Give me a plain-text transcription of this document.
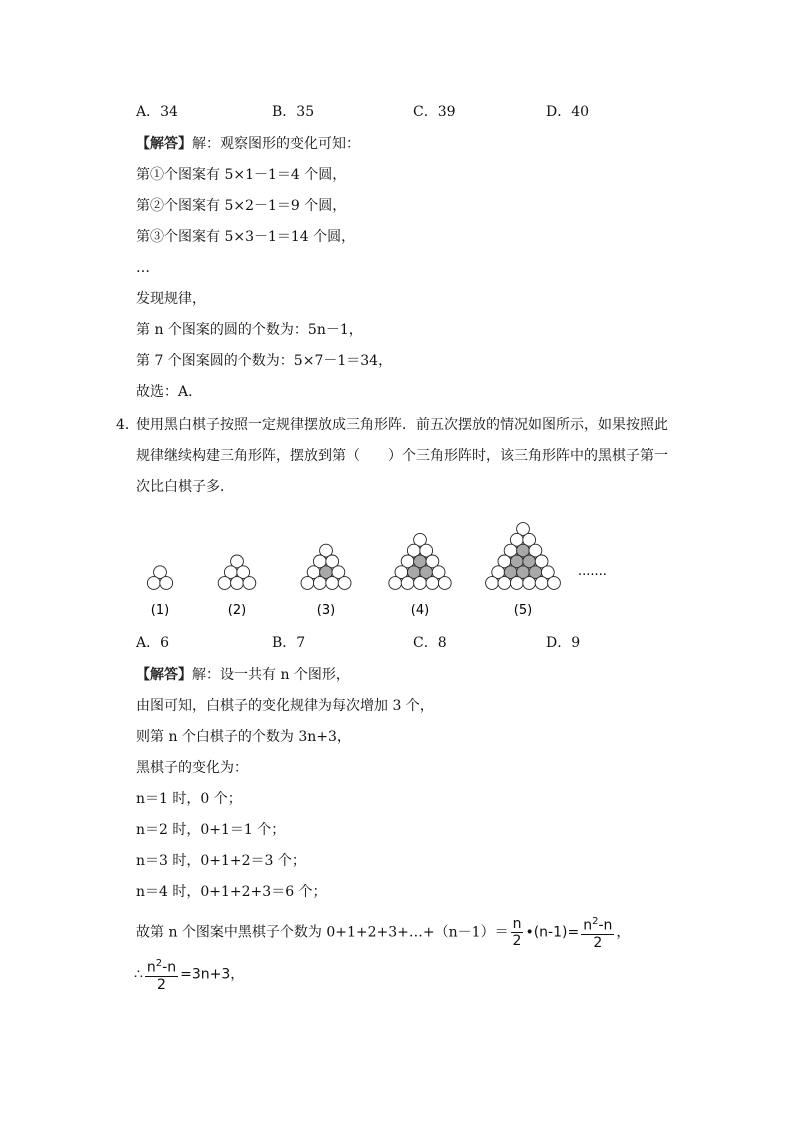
A．34	B．35	C．39	D．40
【解答】解：观察图形的变化可知：
第①个图案有 5×1－1＝4 个圆，
第②个图案有 5×2－1＝9 个圆，
第③个图案有 5×3－1＝14 个圆，
…
发现规律，
第 n 个图案的圆的个数为：5n－1，
第 7 个图案圆的个数为：5×7－1＝34，
故选：A．
4．
使用黑白棋子按照一定规律摆放成三角形阵．前五次摆放的情况如图所示，如果按照此
规律继续构建三角形阵，摆放到第（　　）个三角形阵时，该三角形阵中的黑棋子第一
次比白棋子多．
(1)	(2)	(3)	(4)	(5)
·······
A．6	B．7	C．8	D．9
【解答】解：设一共有 n 个图形，
由图可知，白棋子的变化规律为每次增加 3 个，
则第 n 个白棋子的个数为 3n+3，
黑棋子的变化为：
n＝1 时，0 个；
n＝2 时，0+1＝1 个；
n＝3 时，0+1+2＝3 个；
n＝4 时，0+1+2+3＝6 个；
故第 n 个图案中黑棋子个数为 0+1+2+3+…+（n－1）＝ $\frac{n}{2}$ •(n-1)= $\frac{n^2-n}{2}$ ，
∴ $\frac{n^2-n}{2} =3n+3$，
